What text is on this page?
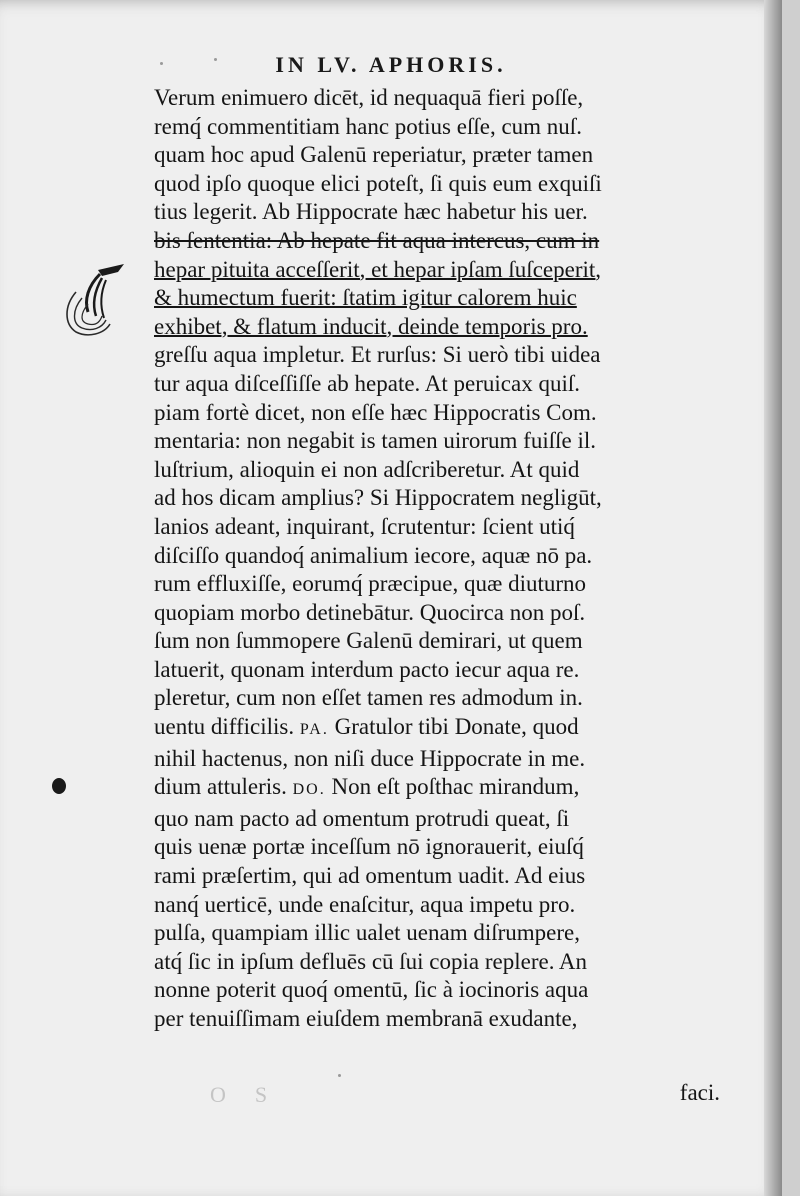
IN LV. APHORIS.
Verum enimuero dicēt, id nequaquā fieri poſſe,
remq́ commentitiam hanc potius eſſe, cum nuſ.
quam hoc apud Galenū reperiatur, præter tamen
quod ipſo quoque elici poteſt, ſi quis eum exquiſi
tius legerit. Ab Hippocrate hæc habetur his uer.
bis ſententia: Ab hepate fit aqua intercus, cum in
hepar pituita acceſſerit, et hepar ipſam ſuſceperit,
& humectum fuerit: ſtatim igitur calorem huic
exhibet, & flatum inducit, deinde temporis pro.
greſſu aqua impletur. Et rurſus: Si uerò tibi uidea
tur aqua diſceſſiſſe ab hepate. At peruicax quiſ.
piam fortè dicet, non eſſe hæc Hippocratis Com.
mentaria: non negabit is tamen uirorum fuiſſe il.
luſtrium, alioquin ei non adſcriberetur. At quid
ad hos dicam amplius? Si Hippocratem negligūt,
lanios adeant, inquirant, ſcrutentur: ſcient utiq́
diſciſſo quandoq́ animalium iecore, aquæ nō pa.
rum effluxiſſe, eorumq́ præcipue, quæ diuturno
quopiam morbo detinebātur. Quocirca non poſ.
ſum non ſummopere Galenū demirari, ut quem
latuerit, quonam interdum pacto iecur aqua re.
pleretur, cum non eſſet tamen res admodum in.
uentu difficilis. PA. Gratulor tibi Donate, quod
nihil hactenus, non niſi duce Hippocrate in me.
dium attuleris. DO. Non eſt poſthac mirandum,
quo nam pacto ad omentum protrudi queat, ſi
quis uenæ portæ inceſſum nō ignorauerit, eiuſq́
rami præſertim, qui ad omentum uadit. Ad eius
nanq́ uerticē, unde enaſcitur, aqua impetu pro.
pulſa, quampiam illic ualet uenam diſrumpere,
atq́ ſic in ipſum defluēs cū ſui copia replere. An
nonne poterit quoq́ omentū, ſic à iocinoris aqua
per tenuiſſimam eiuſdem membranā exudante,
O  S	faci.
